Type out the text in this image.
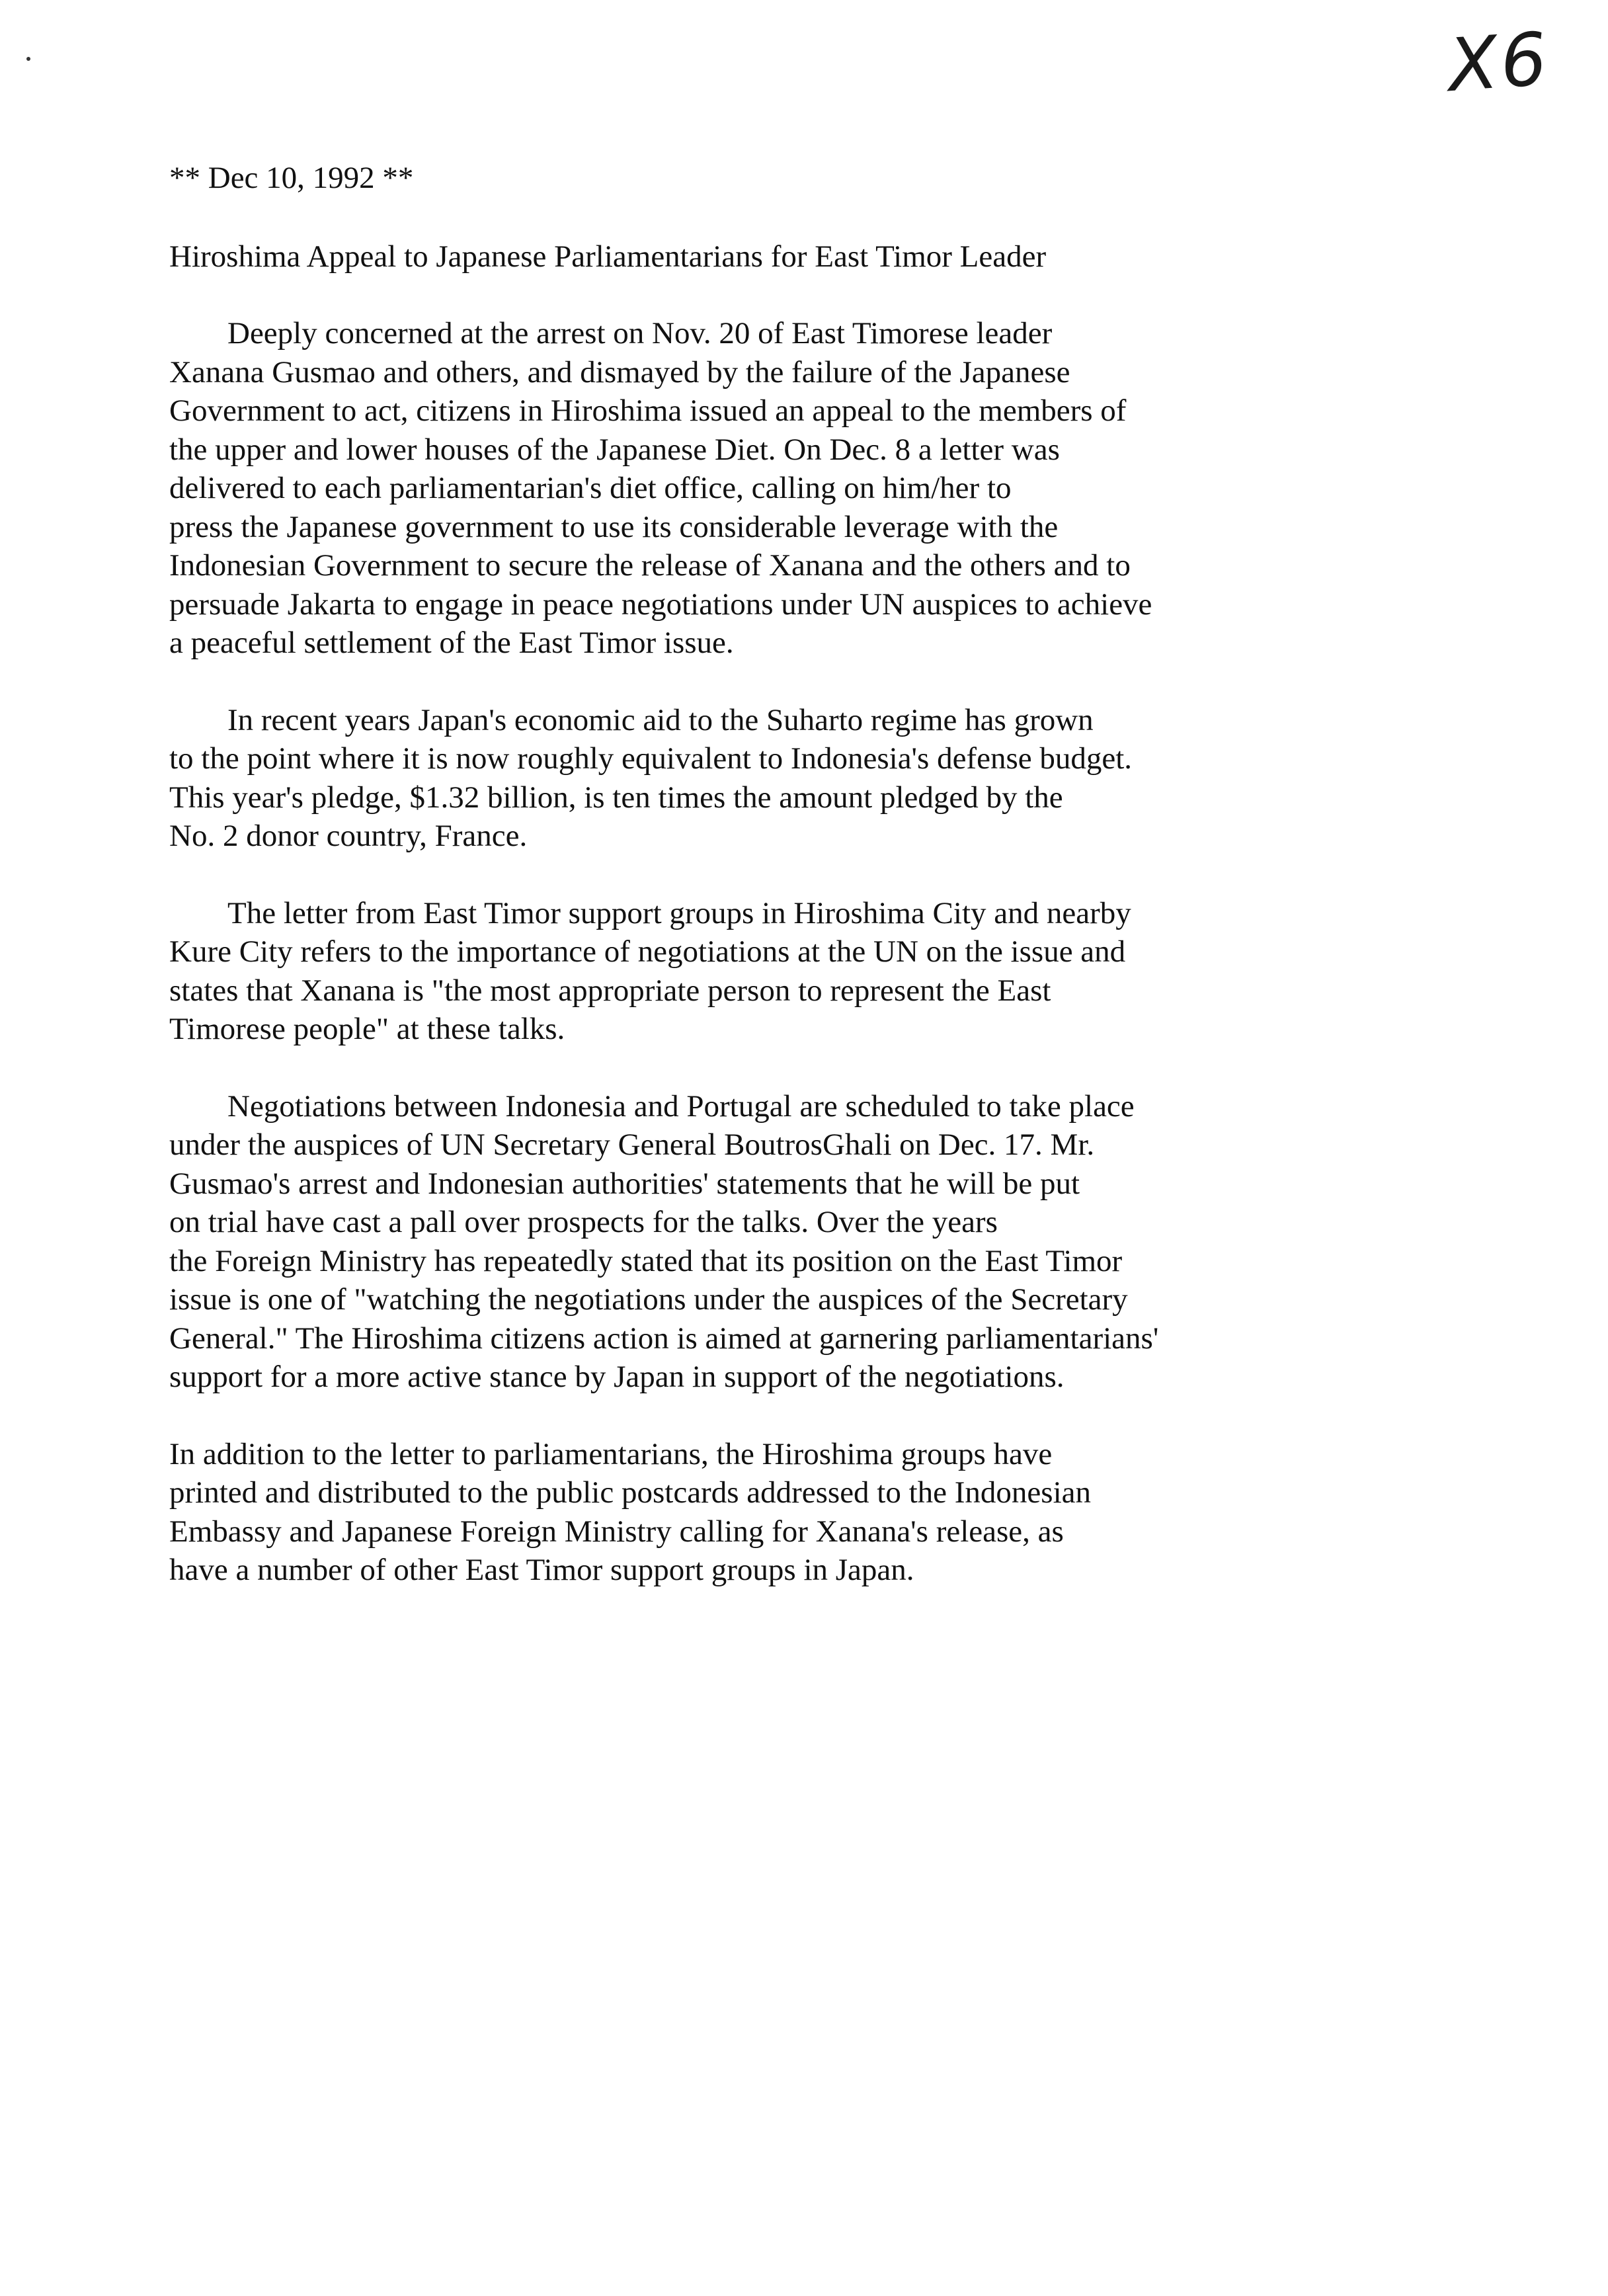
X6
** Dec 10, 1992 **
Hiroshima Appeal to Japanese Parliamentarians for East Timor Leader
Deeply concerned at the arrest on Nov. 20 of East Timorese leader
Xanana Gusmao and others, and dismayed by the failure of the Japanese
Government to act, citizens in Hiroshima issued an appeal to the members of
the upper and lower houses of the Japanese Diet. On Dec. 8 a letter was
delivered to each parliamentarian's diet office, calling on him/her to
press the Japanese government to use its considerable leverage with the
Indonesian Government to secure the release of Xanana and the others and to
persuade Jakarta to engage in peace negotiations under UN auspices to achieve
a peaceful settlement of the East Timor issue.
In recent years Japan's economic aid to the Suharto regime has grown
to the point where it is now roughly equivalent to Indonesia's defense budget.
This year's pledge, $1.32 billion, is ten times the amount pledged by the
No. 2 donor country, France.
The letter from East Timor support groups in Hiroshima City and nearby
Kure City refers to the importance of negotiations at the UN on the issue and
states that Xanana is "the most appropriate person to represent the East
Timorese people" at these talks.
Negotiations between Indonesia and Portugal are scheduled to take place
under the auspices of UN Secretary General BoutrosGhali on Dec. 17. Mr.
Gusmao's arrest and Indonesian authorities' statements that he will be put
on trial have cast a pall over prospects for the talks. Over the years
the Foreign Ministry has repeatedly stated that its position on the East Timor
issue is one of "watching the negotiations under the auspices of the Secretary
General." The Hiroshima citizens action is aimed at garnering parliamentarians'
support for a more active stance by Japan in support of the negotiations.
In addition to the letter to parliamentarians, the Hiroshima groups have
printed and distributed to the public postcards addressed to the Indonesian
Embassy and Japanese Foreign Ministry calling for Xanana's release, as
have a number of other East Timor support groups in Japan.
